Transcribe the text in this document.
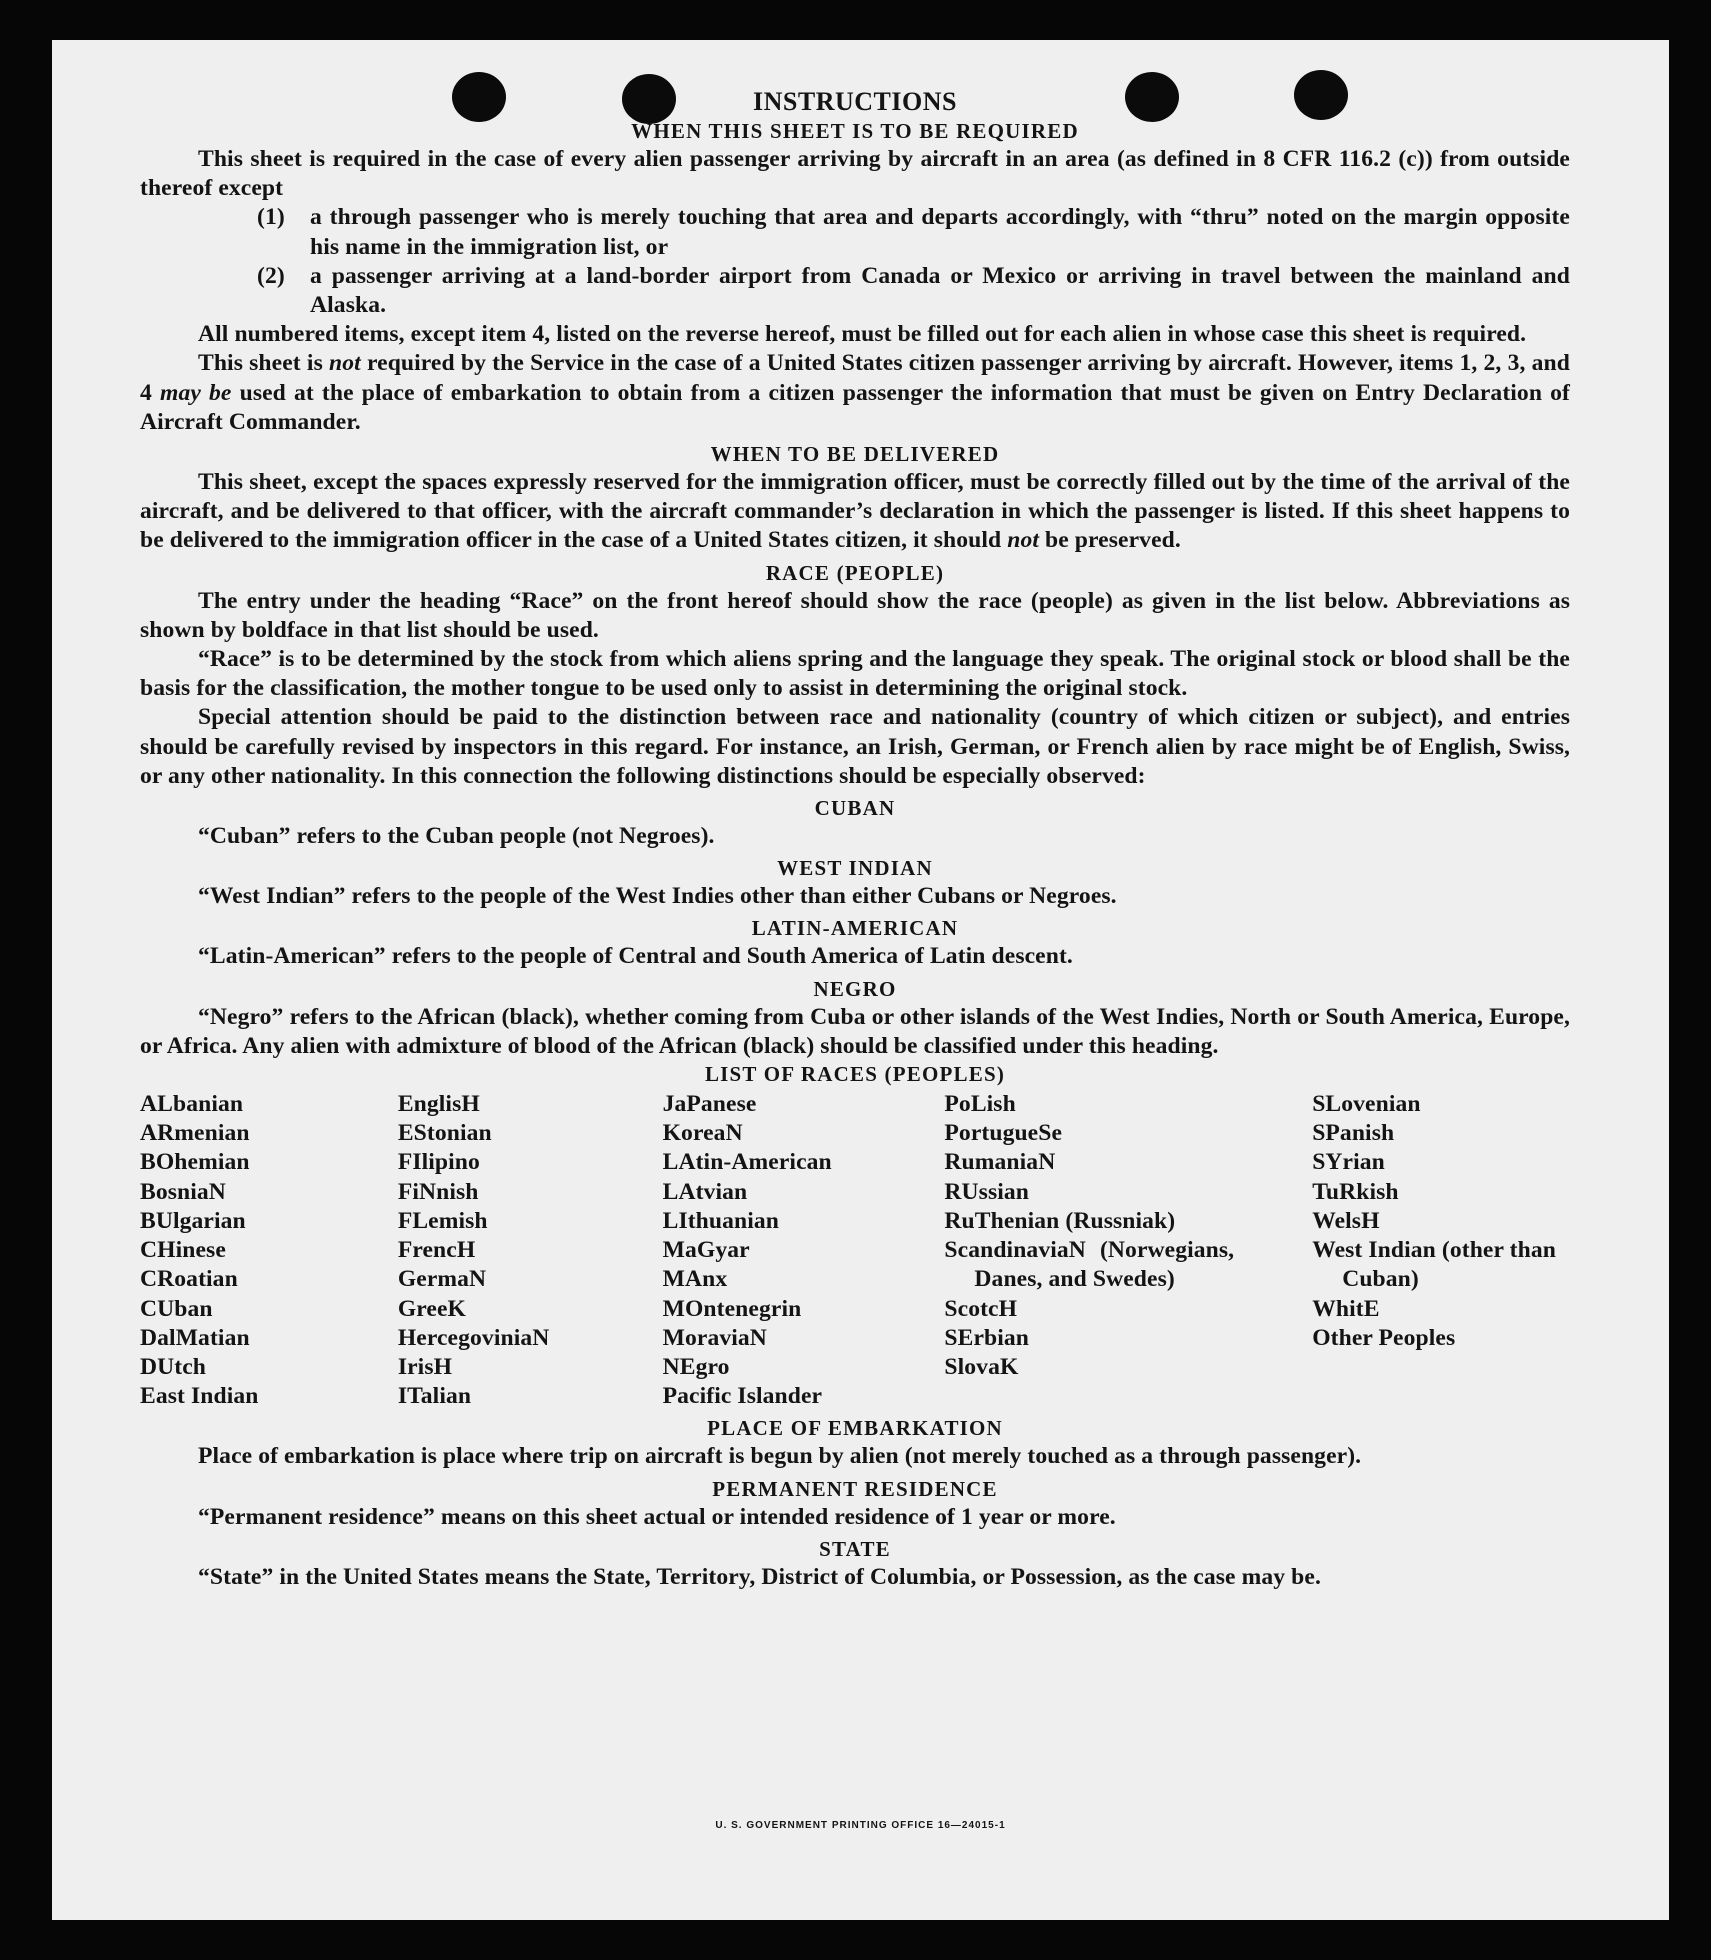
INSTRUCTIONS
WHEN THIS SHEET IS TO BE REQUIRED

This sheet is required in the case of every alien passenger arriving by aircraft in an area (as defined in 8 CFR 116.2 (c)) from outside thereof except

(1)	a through passenger who is merely touching that area and departs accordingly, with “thru” noted on the margin opposite his name in the immigration list, or
(2)	a passenger arriving at a land-border airport from Canada or Mexico or arriving in travel between the mainland and Alaska.

All numbered items, except item 4, listed on the reverse hereof, must be filled out for each alien in whose case this sheet is required.

This sheet is not required by the Service in the case of a United States citizen passenger arriving by aircraft. However, items 1, 2, 3, and 4 may be used at the place of embarkation to obtain from a citizen passenger the information that must be given on Entry Declaration of Aircraft Commander.

WHEN TO BE DELIVERED

This sheet, except the spaces expressly reserved for the immigration officer, must be correctly filled out by the time of the arrival of the aircraft, and be delivered to that officer, with the aircraft commander’s declaration in which the passenger is listed. If this sheet happens to be delivered to the immigration officer in the case of a United States citizen, it should not be preserved.

RACE (PEOPLE)

The entry under the heading “Race” on the front hereof should show the race (people) as given in the list below. Abbreviations as shown by boldface in that list should be used.

“Race” is to be determined by the stock from which aliens spring and the language they speak. The original stock or blood shall be the basis for the classification, the mother tongue to be used only to assist in determining the original stock.

Special attention should be paid to the distinction between race and nationality (country of which citizen or subject), and entries should be carefully revised by inspectors in this regard. For instance, an Irish, German, or French alien by race might be of English, Swiss, or any other nationality. In this connection the following distinctions should be especially observed:

CUBAN

“Cuban” refers to the Cuban people (not Negroes).

WEST INDIAN

“West Indian” refers to the people of the West Indies other than either Cubans or Negroes.

LATIN-AMERICAN

“Latin-American” refers to the people of Central and South America of Latin descent.

NEGRO

“Negro” refers to the African (black), whether coming from Cuba or other islands of the West Indies, North or South America, Europe, or Africa. Any alien with admixture of blood of the African (black) should be classified under this heading.

LIST OF RACES (PEOPLES)
ALbanian
ARmenian
BOhemian
BosniaN
BUlgarian
CHinese
CRoatian
CUban
DalMatian
DUtch
East Indian
EnglisH
EStonian
FIlipino
FiNnish
FLemish
FrencH
GermaN
GreeK
HercegoviniaN
IrisH
ITalian
JaPanese
KoreaN
LAtin-American
LAtvian
LIthuanian
MaGyar
MAnx
MOntenegrin
MoraviaN
NEgro
Pacific Islander
PoLish
PortugueSe
RumaniaN
RUssian
RuThenian (Russniak)
ScandinaviaN (Norwegians, Danes, and Swedes)
ScotcH
SErbian
SlovaK
SLovenian
SPanish
SYrian
TuRkish
WelsH
West Indian (other than Cuban)
WhitE
Other Peoples
PLACE OF EMBARKATION

Place of embarkation is place where trip on aircraft is begun by alien (not merely touched as a through passenger).

PERMANENT RESIDENCE

“Permanent residence” means on this sheet actual or intended residence of 1 year or more.

STATE

“State” in the United States means the State, Territory, District of Columbia, or Possession, as the case may be.

U. S. GOVERNMENT PRINTING OFFICE 16—24015-1
